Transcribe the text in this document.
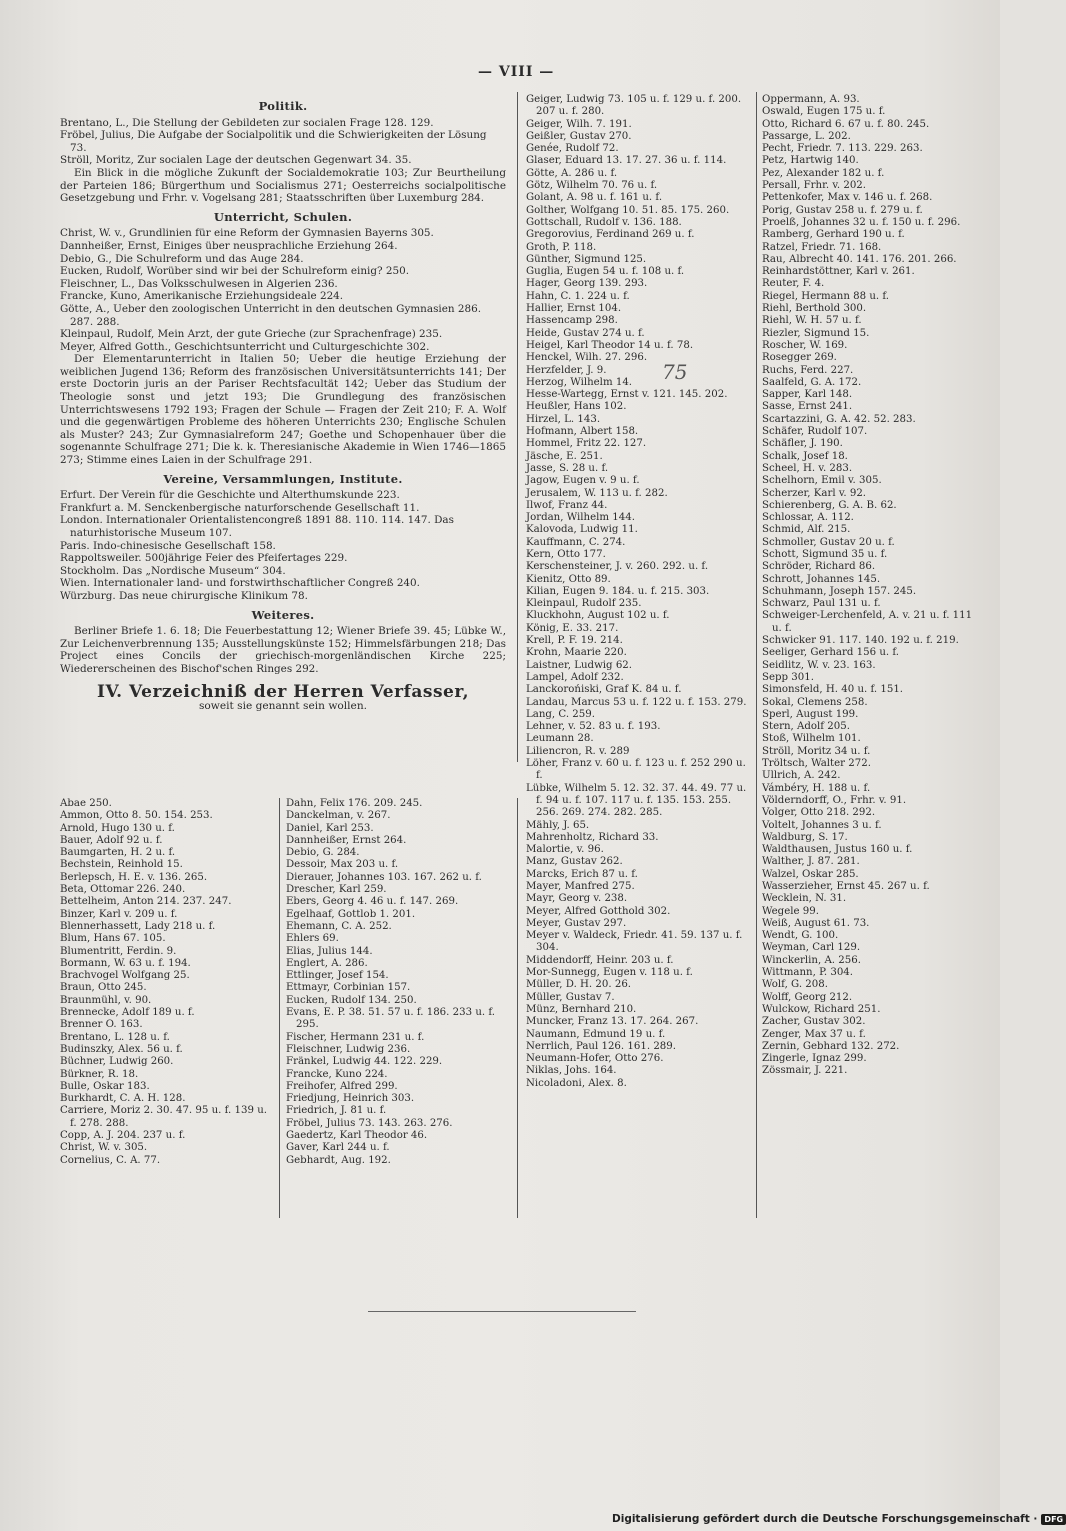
— VIII —
Politik.
Brentano, L., Die Stellung der Gebildeten zur socialen Frage 128. 129.
Fröbel, Julius, Die Aufgabe der Socialpolitik und die Schwierigkeiten der Lösung 73.
Ströll, Moritz, Zur socialen Lage der deutschen Gegenwart 34. 35.
Ein Blick in die mögliche Zukunft der Socialdemokratie 103; Zur Beurtheilung der Parteien 186; Bürgerthum und Socialismus 271; Oesterreichs socialpolitische Gesetzgebung und Frhr. v. Vogelsang 281; Staatsschriften über Luxemburg 284.
Unterricht, Schulen.
Christ, W. v., Grundlinien für eine Reform der Gymnasien Bayerns 305.
Dannheißer, Ernst, Einiges über neusprachliche Erziehung 264.
Debio, G., Die Schulreform und das Auge 284.
Eucken, Rudolf, Worüber sind wir bei der Schulreform einig? 250.
Fleischner, L., Das Volksschulwesen in Algerien 236.
Francke, Kuno, Amerikanische Erziehungsideale 224.
Götte, A., Ueber den zoologischen Unterricht in den deutschen Gymnasien 286. 287. 288.
Kleinpaul, Rudolf, Mein Arzt, der gute Grieche (zur Sprachenfrage) 235.
Meyer, Alfred Gotth., Geschichtsunterricht und Culturgeschichte 302.
Der Elementarunterricht in Italien 50; Ueber die heutige Erziehung der weiblichen Jugend 136; Reform des französischen Universitätsunterrichts 141; Der erste Doctorin juris an der Pariser Rechtsfacultät 142; Ueber das Studium der Theologie sonst und jetzt 193; Die Grundlegung des französischen Unterrichtswesens 1792 193; Fragen der Schule — Fragen der Zeit 210; F. A. Wolf und die gegenwärtigen Probleme des höheren Unterrichts 230; Englische Schulen als Muster? 243; Zur Gymnasialreform 247; Goethe und Schopenhauer über die sogenannte Schulfrage 271; Die k. k. Theresianische Akademie in Wien 1746—1865 273; Stimme eines Laien in der Schulfrage 291.
Vereine, Versammlungen, Institute.
Erfurt. Der Verein für die Geschichte und Alterthumskunde 223.
Frankfurt a. M. Senckenbergische naturforschende Gesellschaft 11.
London. Internationaler Orientalistencongreß 1891 88. 110. 114. 147. Das naturhistorische Museum 107.
Paris. Indo-chinesische Gesellschaft 158.
Rappoltsweiler. 500jährige Feier des Pfeifertages 229.
Stockholm. Das „Nordische Museum“ 304.
Wien. Internationaler land- und forstwirthschaftlicher Congreß 240.
Würzburg. Das neue chirurgische Klinikum 78.
Weiteres.
Berliner Briefe 1. 6. 18; Die Feuerbestattung 12; Wiener Briefe 39. 45; Lübke W., Zur Leichenverbrennung 135; Ausstellungskünste 152; Himmelsfärbungen 218; Das Project eines Concils der griechisch-morgenländischen Kirche 225; Wiedererscheinen des Bischof'schen Ringes 292.
IV. Verzeichniß der Herren Verfasser,
soweit sie genannt sein wollen.
Abae 250.
Ammon, Otto 8. 50. 154. 253.
Arnold, Hugo 130 u. f.
Bauer, Adolf 92 u. f.
Baumgarten, H. 2 u. f.
Bechstein, Reinhold 15.
Berlepsch, H. E. v. 136. 265.
Beta, Ottomar 226. 240.
Bettelheim, Anton 214. 237. 247.
Binzer, Karl v. 209 u. f.
Blennerhassett, Lady 218 u. f.
Blum, Hans 67. 105.
Blumentritt, Ferdin. 9.
Bormann, W. 63 u. f. 194.
Brachvogel Wolfgang 25.
Braun, Otto 245.
Braunmühl, v. 90.
Brennecke, Adolf 189 u. f.
Brenner O. 163.
Brentano, L. 128 u. f.
Budinszky, Alex. 56 u. f.
Büchner, Ludwig 260.
Bürkner, R. 18.
Bulle, Oskar 183.
Burkhardt, C. A. H. 128.
Carriere, Moriz 2. 30. 47. 95 u. f. 139 u. f. 278. 288.
Copp, A. J. 204. 237 u. f.
Christ, W. v. 305.
Cornelius, C. A. 77.
Dahn, Felix 176. 209. 245.
Danckelman, v. 267.
Daniel, Karl 253.
Dannheißer, Ernst 264.
Debio, G. 284.
Dessoir, Max 203 u. f.
Dierauer, Johannes 103. 167. 262 u. f.
Drescher, Karl 259.
Ebers, Georg 4. 46 u. f. 147. 269.
Egelhaaf, Gottlob 1. 201.
Ehemann, C. A. 252.
Ehlers 69.
Elias, Julius 144.
Englert, A. 286.
Ettlinger, Josef 154.
Ettmayr, Corbinian 157.
Eucken, Rudolf 134. 250.
Evans, E. P. 38. 51. 57 u. f. 186. 233 u. f. 295.
Fischer, Hermann 231 u. f.
Fleischner, Ludwig 236.
Fränkel, Ludwig 44. 122. 229.
Francke, Kuno 224.
Freihofer, Alfred 299.
Friedjung, Heinrich 303.
Friedrich, J. 81 u. f.
Fröbel, Julius 73. 143. 263. 276.
Gaedertz, Karl Theodor 46.
Gaver, Karl 244 u. f.
Gebhardt, Aug. 192.
Geiger, Ludwig 73. 105 u. f. 129 u. f. 200. 207 u. f. 280.
Geiger, Wilh. 7. 191.
Geißler, Gustav 270.
Genée, Rudolf 72.
Glaser, Eduard 13. 17. 27. 36 u. f. 114.
Götte, A. 286 u. f.
Götz, Wilhelm 70. 76 u. f.
Golant, A. 98 u. f. 161 u. f.
Golther, Wolfgang 10. 51. 85. 175. 260.
Gottschall, Rudolf v. 136. 188.
Gregorovius, Ferdinand 269 u. f.
Groth, P. 118.
Günther, Sigmund 125.
Guglia, Eugen 54 u. f. 108 u. f.
Hager, Georg 139. 293.
Hahn, C. 1. 224 u. f.
Hallier, Ernst 104.
Hassencamp 298.
Heide, Gustav 274 u. f.
Heigel, Karl Theodor 14 u. f. 78.
Henckel, Wilh. 27. 296.
Herzfelder, J. 9.
Herzog, Wilhelm 14.
Hesse-Wartegg, Ernst v. 121. 145. 202.
Heußler, Hans 102.
Hirzel, L. 143.
Hofmann, Albert 158.
Hommel, Fritz 22. 127.
Jäsche, E. 251.
Jasse, S. 28 u. f.
Jagow, Eugen v. 9 u. f.
Jerusalem, W. 113 u. f. 282.
Ilwof, Franz 44.
Jordan, Wilhelm 144.
Kalovoda, Ludwig 11.
Kauffmann, C. 274.
Kern, Otto 177.
Kerschensteiner, J. v. 260. 292. u. f.
Kienitz, Otto 89.
Kilian, Eugen 9. 184. u. f. 215. 303.
Kleinpaul, Rudolf 235.
Kluckhohn, August 102 u. f.
König, E. 33. 217.
Krell, P. F. 19. 214.
Krohn, Maarie 220.
Laistner, Ludwig 62.
Lampel, Adolf 232.
Lanckorońiski, Graf K. 84 u. f.
Landau, Marcus 53 u. f. 122 u. f. 153. 279.
Lang, C. 259.
Lehner, v. 52. 83 u. f. 193.
Leumann 28.
Liliencron, R. v. 289
Löher, Franz v. 60 u. f. 123 u. f. 252 290 u. f.
Lübke, Wilhelm 5. 12. 32. 37. 44. 49. 77 u. f. 94 u. f. 107. 117 u. f. 135. 153. 255. 256. 269. 274. 282. 285.
Mähly, J. 65.
Mahrenholtz, Richard 33.
Malortie, v. 96.
Manz, Gustav 262.
Marcks, Erich 87 u. f.
Mayer, Manfred 275.
Mayr, Georg v. 238.
Meyer, Alfred Gotthold 302.
Meyer, Gustav 297.
Meyer v. Waldeck, Friedr. 41. 59. 137 u. f. 304.
Middendorff, Heinr. 203 u. f.
Mor-Sunnegg, Eugen v. 118 u. f.
Müller, D. H. 20. 26.
Müller, Gustav 7.
Münz, Bernhard 210.
Muncker, Franz 13. 17. 264. 267.
Naumann, Edmund 19 u. f.
Nerrlich, Paul 126. 161. 289.
Neumann-Hofer, Otto 276.
Niklas, Johs. 164.
Nicoladoni, Alex. 8.
Oppermann, A. 93.
Oswald, Eugen 175 u. f.
Otto, Richard 6. 67 u. f. 80. 245.
Passarge, L. 202.
Pecht, Friedr. 7. 113. 229. 263.
Petz, Hartwig 140.
Pez, Alexander 182 u. f.
Persall, Frhr. v. 202.
Pettenkofer, Max v. 146 u. f. 268.
Porig, Gustav 258 u. f. 279 u. f.
Proelß, Johannes 32 u. f. 150 u. f. 296.
Ramberg, Gerhard 190 u. f.
Ratzel, Friedr. 71. 168.
Rau, Albrecht 40. 141. 176. 201. 266.
Reinhardstöttner, Karl v. 261.
Reuter, F. 4.
Riegel, Hermann 88 u. f.
Riehl, Berthold 300.
Riehl, W. H. 57 u. f.
Riezler, Sigmund 15.
Roscher, W. 169.
Rosegger 269.
Ruchs, Ferd. 227.
Saalfeld, G. A. 172.
Sapper, Karl 148.
Sasse, Ernst 241.
Scartazzini, G. A. 42. 52. 283.
Schäfer, Rudolf 107.
Schäfler, J. 190.
Schalk, Josef 18.
Scheel, H. v. 283.
Schelhorn, Emil v. 305.
Scherzer, Karl v. 92.
Schierenberg, G. A. B. 62.
Schlossar, A. 112.
Schmid, Alf. 215.
Schmoller, Gustav 20 u. f.
Schott, Sigmund 35 u. f.
Schröder, Richard 86.
Schrott, Johannes 145.
Schuhmann, Joseph 157. 245.
Schwarz, Paul 131 u. f.
Schweiger-Lerchenfeld, A. v. 21 u. f. 111 u. f.
Schwicker 91. 117. 140. 192 u. f. 219.
Seeliger, Gerhard 156 u. f.
Seidlitz, W. v. 23. 163.
Sepp 301.
Simonsfeld, H. 40 u. f. 151.
Sokal, Clemens 258.
Sperl, August 199.
Stern, Adolf 205.
Stoß, Wilhelm 101.
Ströll, Moritz 34 u. f.
Tröltsch, Walter 272.
Ullrich, A. 242.
Vámbéry, H. 188 u. f.
Völderndorff, O., Frhr. v. 91.
Volger, Otto 218. 292.
Voltelt, Johannes 3 u. f.
Waldburg, S. 17.
Waldthausen, Justus 160 u. f.
Walther, J. 87. 281.
Walzel, Oskar 285.
Wasserzieher, Ernst 45. 267 u. f.
Wecklein, N. 31.
Wegele 99.
Weiß, August 61. 73.
Wendt, G. 100.
Weyman, Carl 129.
Winckerlin, A. 256.
Wittmann, P. 304.
Wolf, G. 208.
Wolff, Georg 212.
Wulckow, Richard 251.
Zacher, Gustav 302.
Zenger, Max 37 u. f.
Zernin, Gebhard 132. 272.
Zingerle, Ignaz 299.
Zössmair, J. 221.
75
Digitalisierung gefördert durch die Deutsche Forschungsgemeinschaft · DFG
